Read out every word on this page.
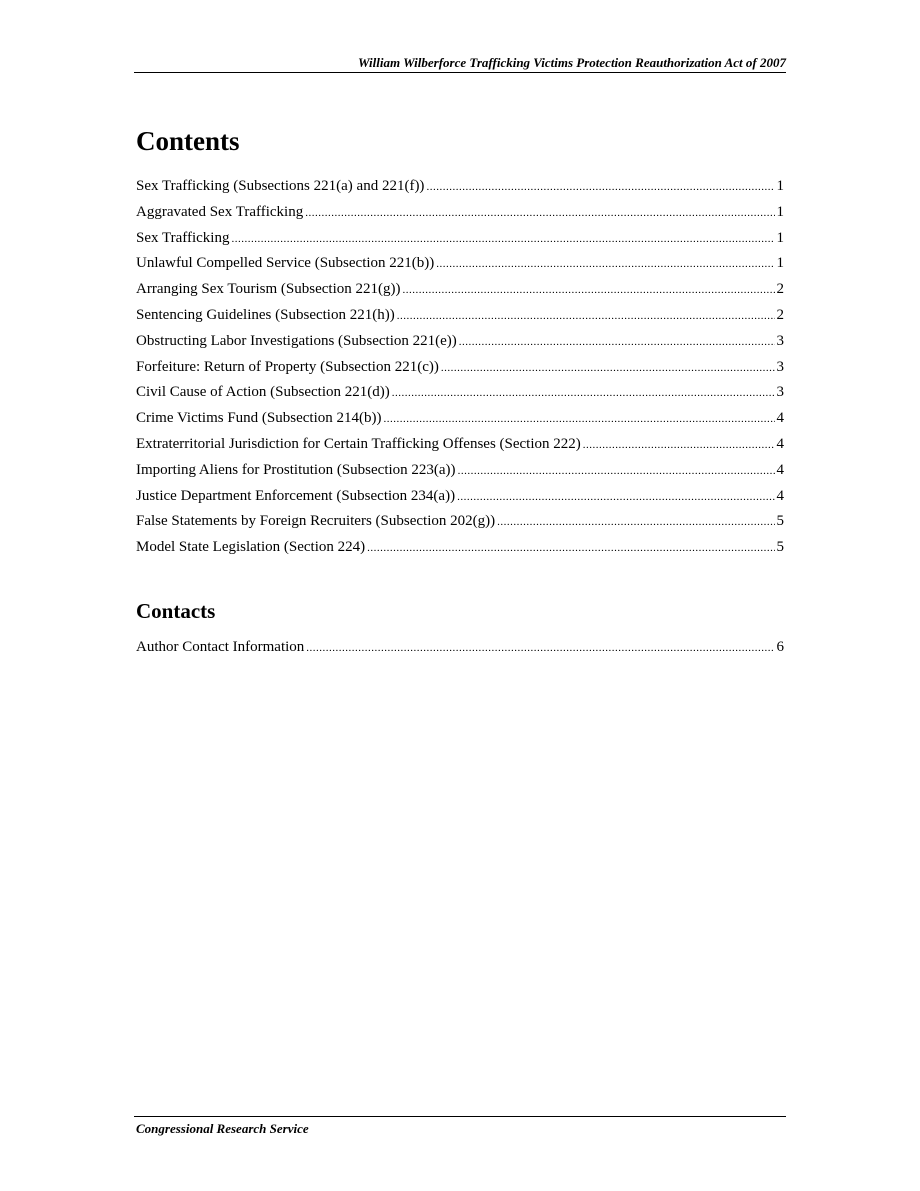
William Wilberforce Trafficking Victims Protection Reauthorization Act of 2007
Contents
Sex Trafficking (Subsections 221(a) and 221(f)) .....	1
Aggravated Sex Trafficking .....	1
Sex Trafficking .....	1
Unlawful Compelled Service (Subsection 221(b)) .....	1
Arranging Sex Tourism (Subsection 221(g)) .....	2
Sentencing Guidelines (Subsection 221(h)) .....	2
Obstructing Labor Investigations (Subsection 221(e)) .....	3
Forfeiture: Return of Property (Subsection 221(c)) .....	3
Civil Cause of Action (Subsection 221(d)) .....	3
Crime Victims Fund (Subsection 214(b)) .....	4
Extraterritorial Jurisdiction for Certain Trafficking Offenses (Section 222) .....	4
Importing Aliens for Prostitution (Subsection 223(a)) .....	4
Justice Department Enforcement (Subsection 234(a)) .....	4
False Statements by Foreign Recruiters (Subsection 202(g)) .....	5
Model State Legislation (Section 224) .....	5
Contacts
Author Contact Information .....	6
Congressional Research Service
